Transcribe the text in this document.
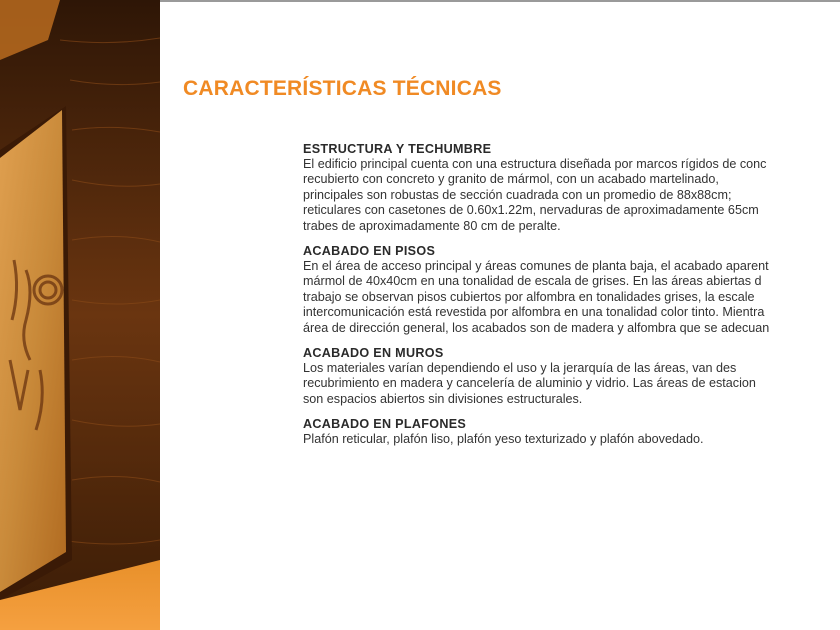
CARACTERÍSTICAS TÉCNICAS
ESTRUCTURA Y TECHUMBRE
El edificio principal cuenta con una estructura diseñada por marcos rígidos de conc
recubierto con concreto y granito de mármol, con un acabado martelinado,
principales son robustas de sección cuadrada con un promedio de 88x88cm;
reticulares con casetones de 0.60x1.22m, nervaduras de aproximadamente 65cm
trabes de aproximadamente 80 cm de peralte.
ACABADO EN PISOS
En el área de acceso principal y áreas comunes de planta baja, el acabado aparent
mármol de 40x40cm en una tonalidad de escala de grises. En las áreas abiertas d
trabajo se observan pisos cubiertos por alfombra en tonalidades grises, la escale
intercomunicación está revestida por alfombra en una tonalidad color tinto. Mientra
área de dirección general, los acabados son de madera y alfombra que se adecuan
ACABADO EN MUROS
Los materiales varían dependiendo el uso y la jerarquía de las áreas, van des
recubrimiento en madera y cancelería de aluminio y vidrio. Las áreas de estacion
son espacios abiertos sin divisiones estructurales.
ACABADO EN PLAFONES
Plafón reticular, plafón liso, plafón yeso texturizado y plafón abovedado.
